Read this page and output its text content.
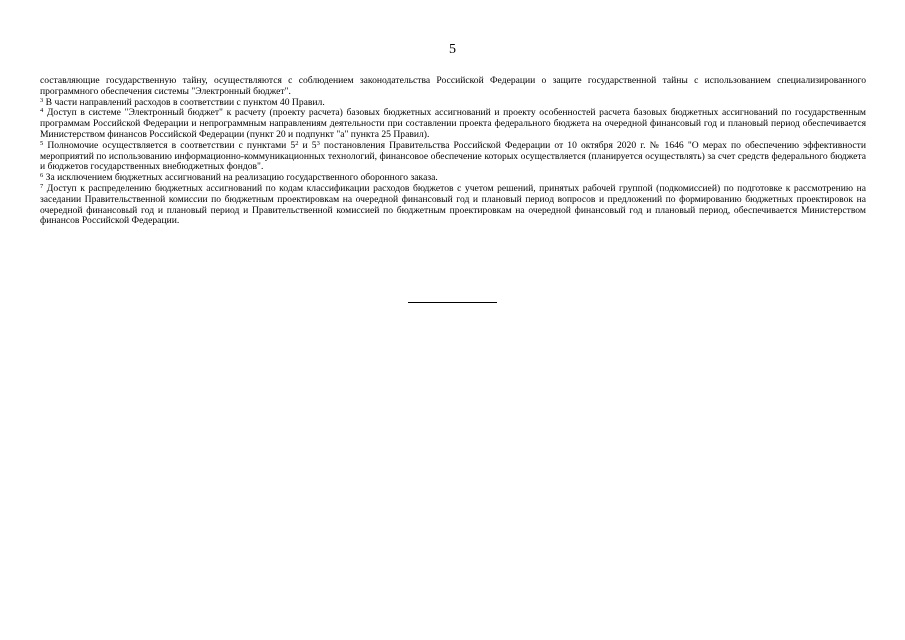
5

составляющие государственную тайну, осуществляются с соблюдением законодательства Российской Федерации о защите государственной тайны с использованием специализированного программного обеспечения системы "Электронный бюджет".

$^3$ В части направлений расходов в соответствии с пунктом 40 Правил.

$^4$ Доступ в системе "Электронный бюджет" к расчету (проекту расчета) базовых бюджетных ассигнований и проекту особенностей расчета базовых бюджетных ассигнований по государственным программам Российской Федерации и непрограммным направлениям деятельности при составлении проекта федерального бюджета на очередной финансовый год и плановый период обеспечивается Министерством финансов Российской Федерации (пункт 20 и подпункт "а" пункта 25 Правил).

$^5$ Полномочие осуществляется в соответствии с пунктами $5^2$ и $5^3$ постановления Правительства Российской Федерации от 10 октября 2020 г. № 1646 "О мерах по обеспечению эффективности мероприятий по использованию информационно-коммуникационных технологий, финансовое обеспечение которых осуществляется (планируется осуществлять) за счет средств федерального бюджета и бюджетов государственных внебюджетных фондов".

$^6$ За исключением бюджетных ассигнований на реализацию государственного оборонного заказа.

$^7$ Доступ к распределению бюджетных ассигнований по кодам классификации расходов бюджетов с учетом решений, принятых рабочей группой (подкомиссией) по подготовке к рассмотрению на заседании Правительственной комиссии по бюджетным проектировкам на очередной финансовый год и плановый период вопросов и предложений по формированию бюджетных проектировок на очередной финансовый год и плановый период и Правительственной комиссией по бюджетным проектировкам на очередной финансовый год и плановый период, обеспечивается Министерством финансов Российской Федерации.
